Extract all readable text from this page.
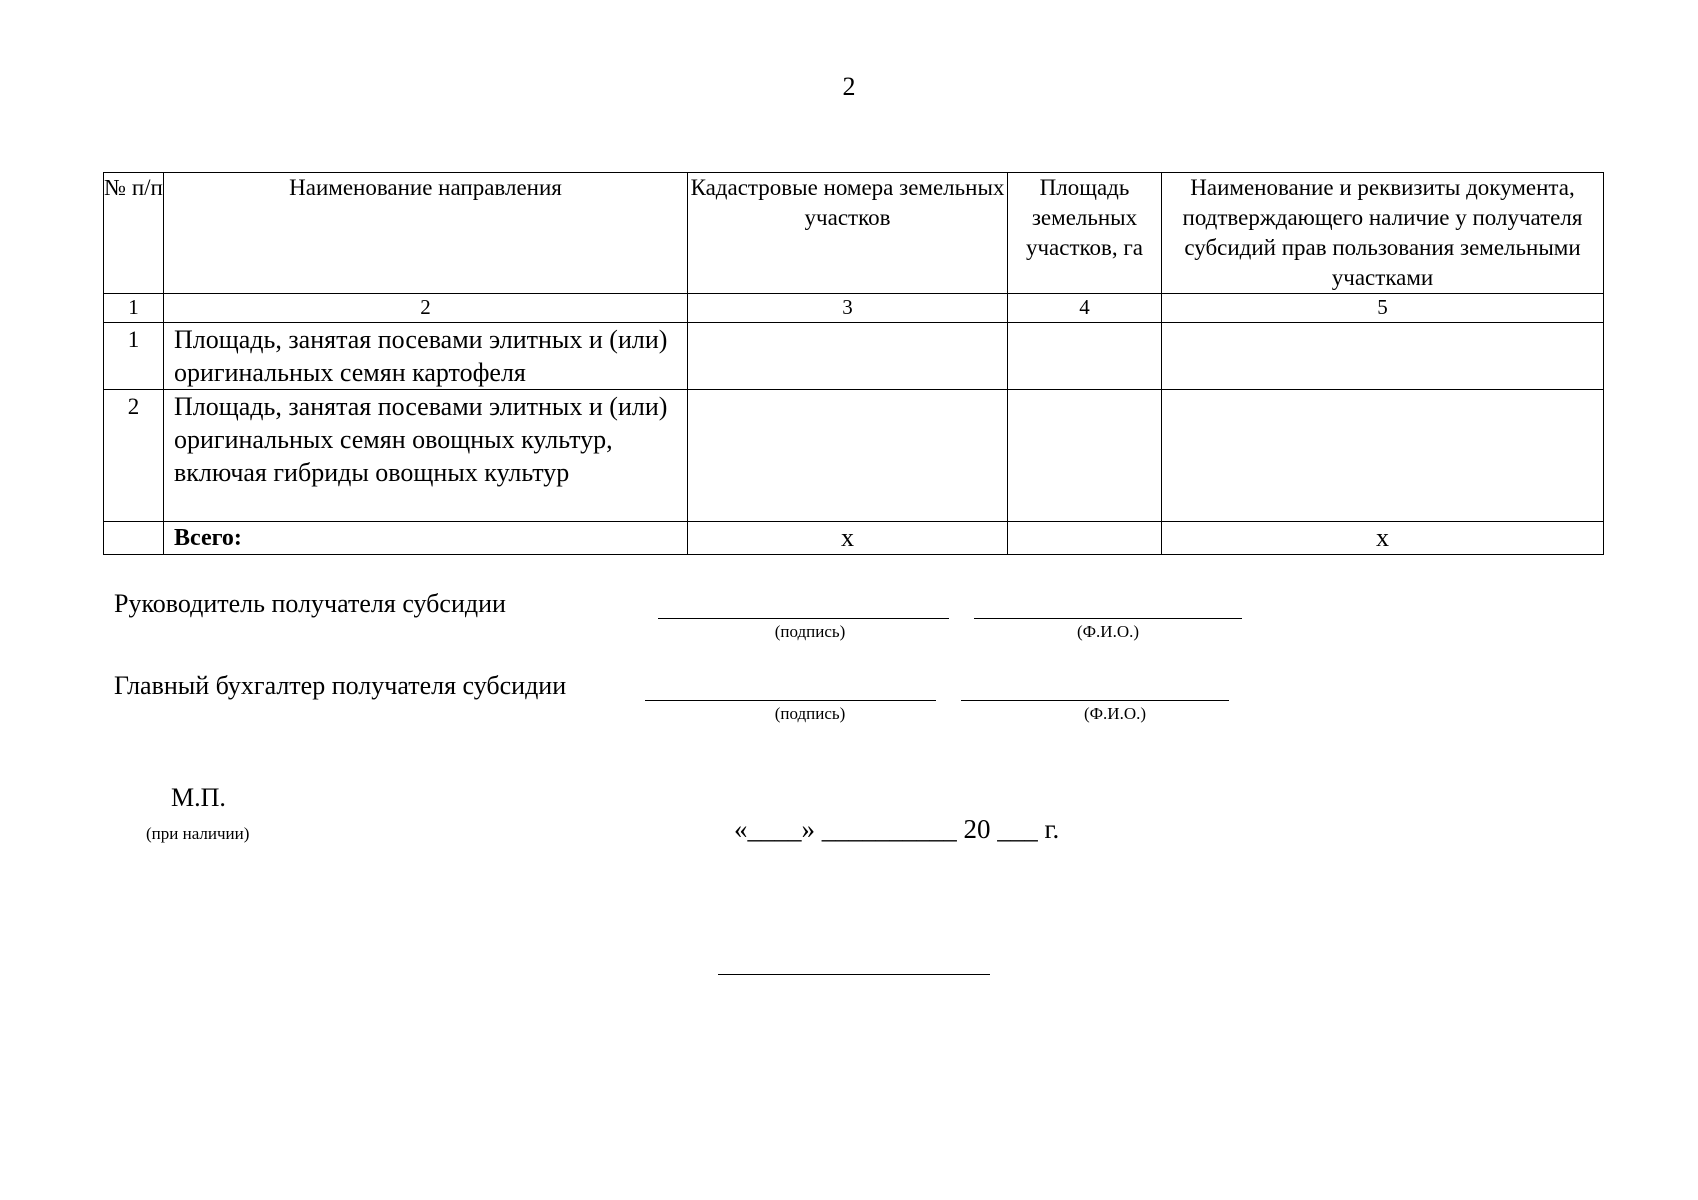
2
№ п/п	Наименование направления	Кадастровые номера земельных участков	Площадь земельных участков, га	Наименование и реквизиты документа, подтверждающего наличие у получателя субсидий прав пользования земельными участками
1	2	3	4	5
1	Площадь, занятая посевами элитных и (или) оригинальных семян картофеля			
2	Площадь, занятая посевами элитных и (или) оригинальных семян овощных культур, включая гибриды овощных культур			
	Всего:	х		х
Руководитель получателя субсидии
(подпись)	(Ф.И.О.)
Главный бухгалтер получателя субсидии
(подпись)	(Ф.И.О.)
М.П.
(при наличии)	«____» __________ 20 ___ г.
